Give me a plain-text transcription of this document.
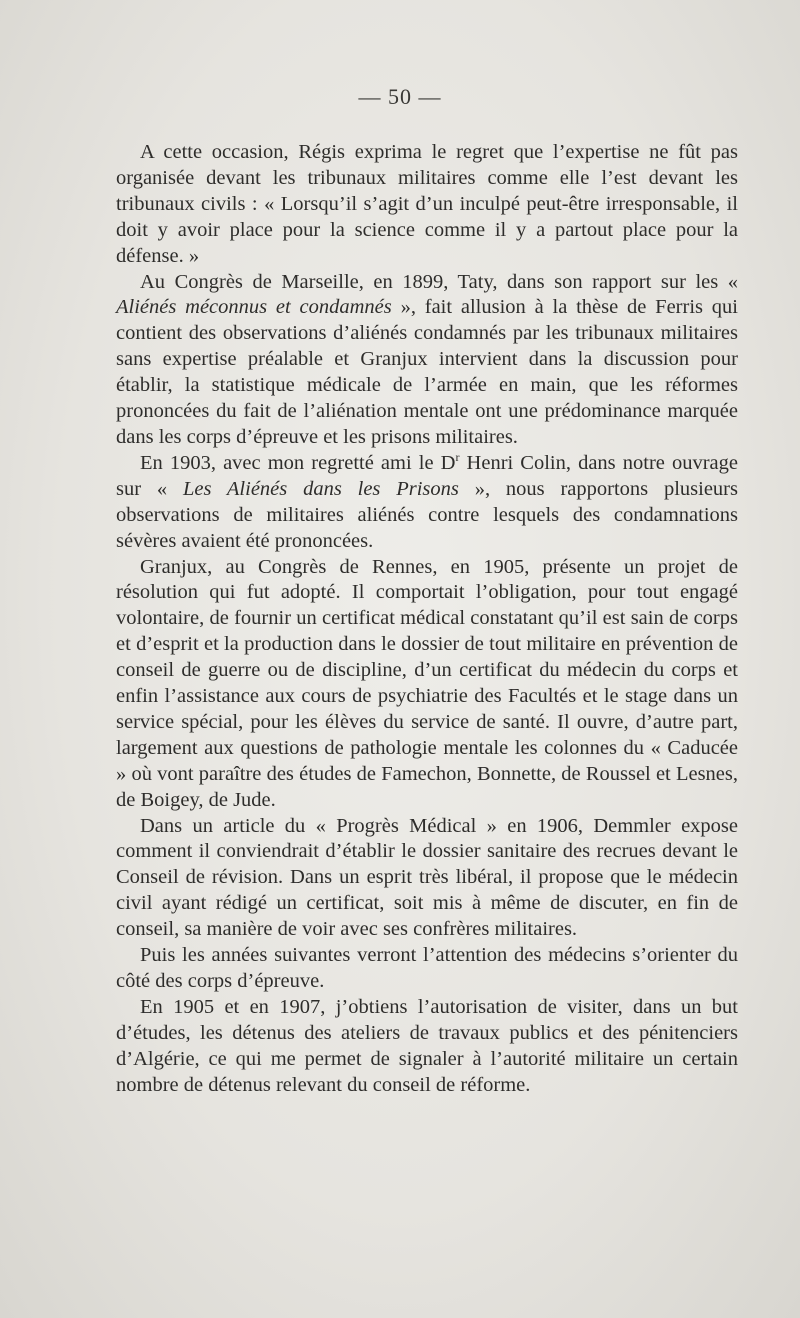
— 50 —

A cette occasion, Régis exprima le regret que l’expertise ne fût pas organisée devant les tribunaux militaires comme elle l’est devant les tribunaux civils : « Lorsqu’il s’agit d’un inculpé peut-être irresponsable, il doit y avoir place pour la science comme il y a partout place pour la défense. »

Au Congrès de Marseille, en 1899, Taty, dans son rapport sur les « Aliénés méconnus et condamnés », fait allusion à la thèse de Ferris qui contient des observations d’aliénés condamnés par les tribunaux militaires sans expertise préalable et Granjux intervient dans la discussion pour établir, la statistique médicale de l’armée en main, que les réformes prononcées du fait de l’aliénation mentale ont une prédominance marquée dans les corps d’épreuve et les prisons militaires.

En 1903, avec mon regretté ami le $D^r$ Henri Colin, dans notre ouvrage sur « Les Aliénés dans les Prisons », nous rapportons plusieurs observations de militaires aliénés contre lesquels des condamnations sévères avaient été prononcées.

Granjux, au Congrès de Rennes, en 1905, présente un projet de résolution qui fut adopté. Il comportait l’obligation, pour tout engagé volontaire, de fournir un certificat médical constatant qu’il est sain de corps et d’esprit et la production dans le dossier de tout militaire en prévention de conseil de guerre ou de discipline, d’un certificat du médecin du corps et enfin l’assistance aux cours de psychiatrie des Facultés et le stage dans un service spécial, pour les élèves du service de santé. Il ouvre, d’autre part, largement aux questions de pathologie mentale les colonnes du « Caducée » où vont paraître des études de Famechon, Bonnette, de Roussel et Lesnes, de Boigey, de Jude.

Dans un article du « Progrès Médical » en 1906, Demmler expose comment il conviendrait d’établir le dossier sanitaire des recrues devant le Conseil de révision. Dans un esprit très libéral, il propose que le médecin civil ayant rédigé un certificat, soit mis à même de discuter, en fin de conseil, sa manière de voir avec ses confrères militaires.

Puis les années suivantes verront l’attention des médecins s’orienter du côté des corps d’épreuve.

En 1905 et en 1907, j’obtiens l’autorisation de visiter, dans un but d’études, les détenus des ateliers de travaux publics et des pénitenciers d’Algérie, ce qui me permet de signaler à l’autorité militaire un certain nombre de détenus relevant du conseil de réforme.
